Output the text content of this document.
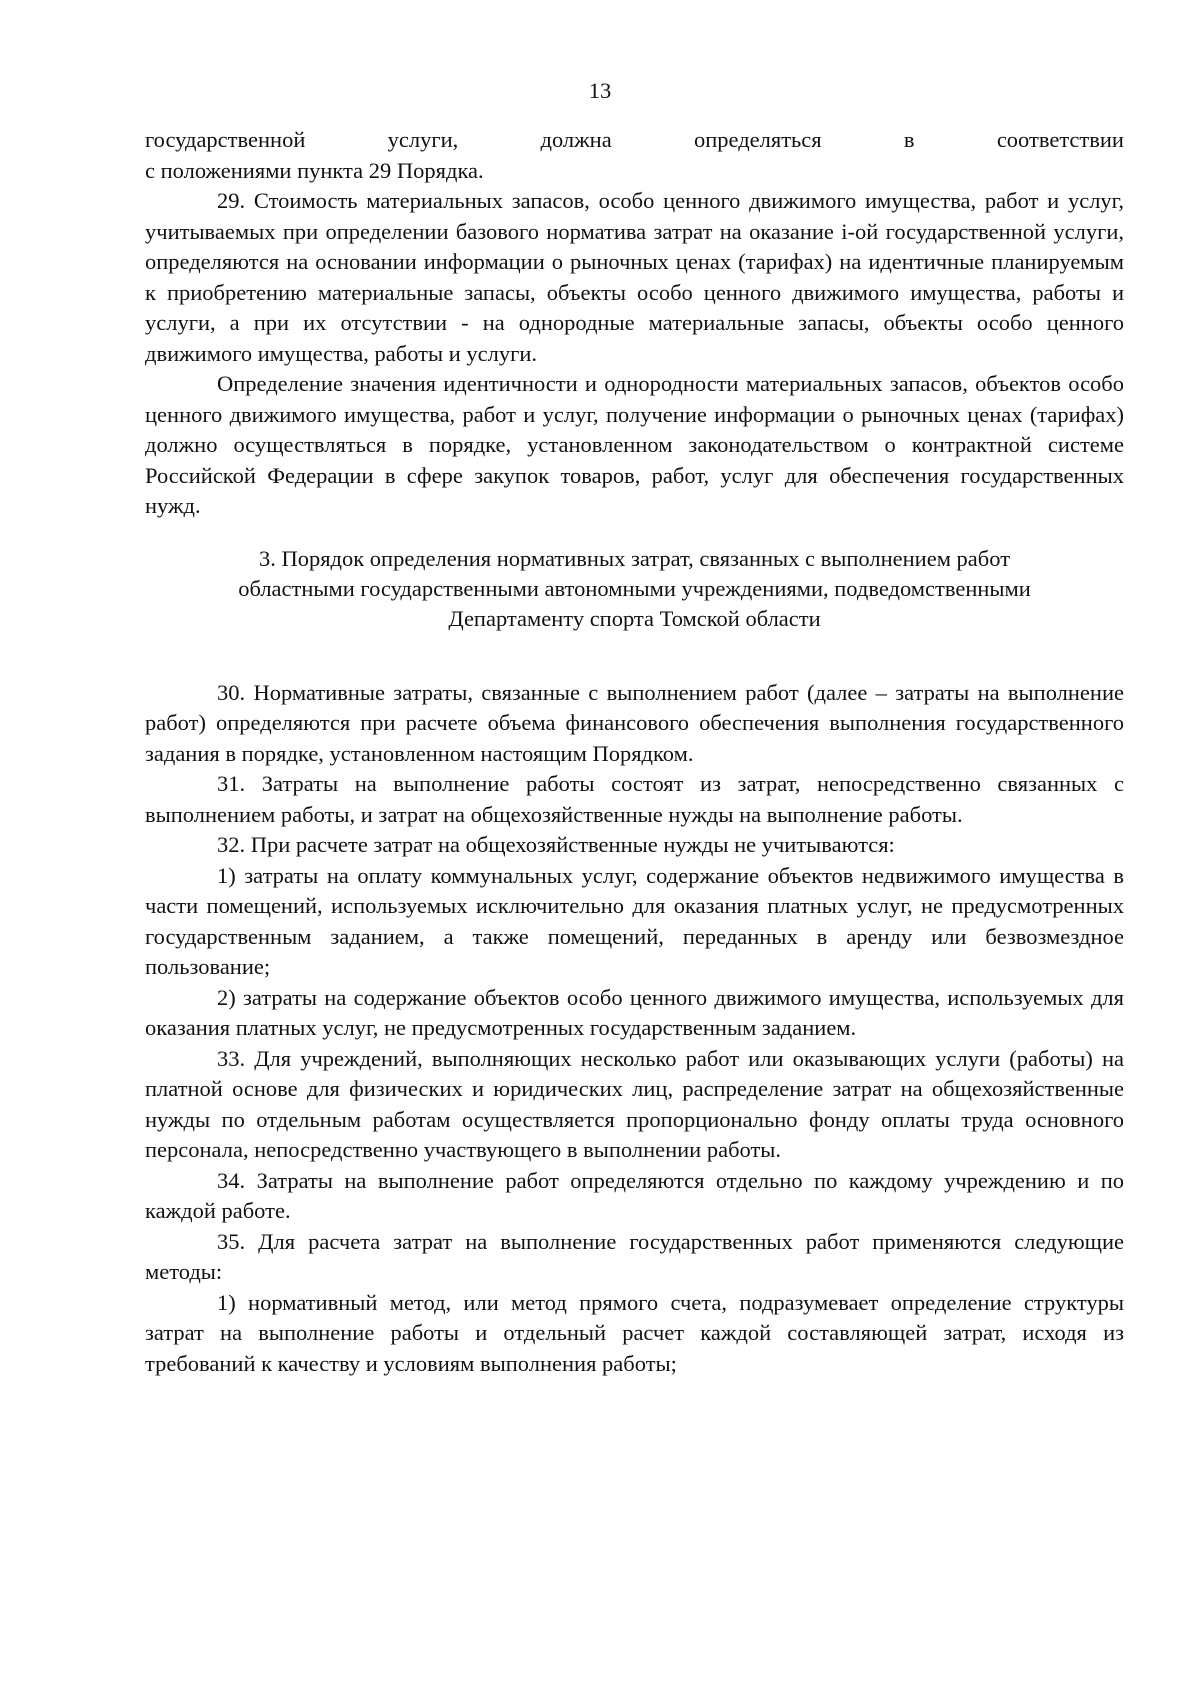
13
государственной	услуги,	должна	определяться	в	соответствии

с положениями пункта 29 Порядка.

29. Стоимость материальных запасов, особо ценного движимого имущества, работ и услуг, учитываемых при определении базового норматива затрат на оказание i-ой государственной услуги, определяются на основании информации о рыночных ценах (тарифах) на идентичные планируемым к приобретению материальные запасы, объекты особо ценного движимого имущества, работы и услуги, а при их отсутствии - на однородные материальные запасы, объекты особо ценного движимого имущества, работы и услуги.

Определение значения идентичности и однородности материальных запасов, объектов особо ценного движимого имущества, работ и услуг, получение информации о рыночных ценах (тарифах) должно осуществляться в порядке, установленном законодательством о контрактной системе Российской Федерации в сфере закупок товаров, работ, услуг для обеспечения государственных нужд.

3. Порядок определения нормативных затрат, связанных с выполнением работ
областными государственными автономными учреждениями, подведомственными
Департаменту спорта Томской области

30. Нормативные затраты, связанные с выполнением работ (далее – затраты на выполнение работ) определяются при расчете объема финансового обеспечения выполнения государственного задания в порядке, установленном настоящим Порядком.

31. Затраты на выполнение работы состоят из затрат, непосредственно связанных с выполнением работы, и затрат на общехозяйственные нужды на выполнение работы.

32. При расчете затрат на общехозяйственные нужды не учитываются:

1) затраты на оплату коммунальных услуг, содержание объектов недвижимого имущества в части помещений, используемых исключительно для оказания платных услуг, не предусмотренных государственным заданием, а также помещений, переданных в аренду или безвозмездное пользование;

2) затраты на содержание объектов особо ценного движимого имущества, используемых для оказания платных услуг, не предусмотренных государственным заданием.

33. Для учреждений, выполняющих несколько работ или оказывающих услуги (работы) на платной основе для физических и юридических лиц, распределение затрат на общехозяйственные нужды по отдельным работам осуществляется пропорционально фонду оплаты труда основного персонала, непосредственно участвующего в выполнении работы.

34. Затраты на выполнение работ определяются отдельно по каждому учреждению и по каждой работе.

35. Для расчета затрат на выполнение государственных работ применяются следующие методы:

1) нормативный метод, или метод прямого счета, подразумевает определение структуры затрат на выполнение работы и отдельный расчет каждой составляющей затрат, исходя из требований к качеству и условиям выполнения работы;
